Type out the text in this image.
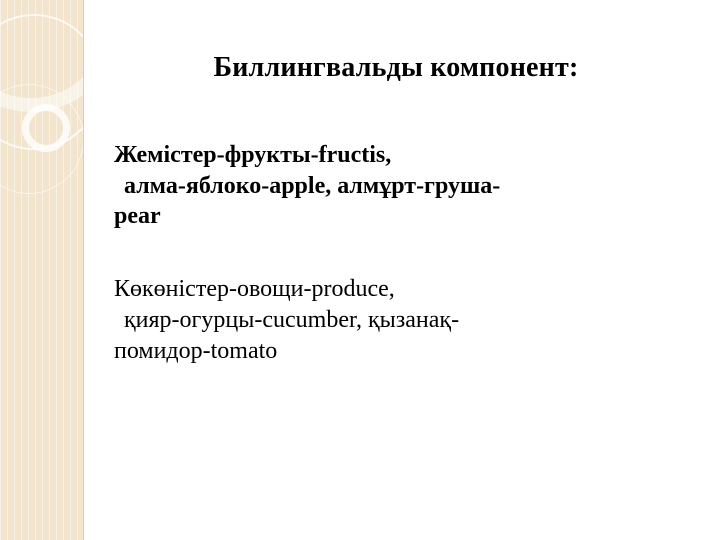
Биллингвальды компонент:
Жемістер-фрукты-fructis,
алма-яблоко-apple, алмұрт-груша-
pear
Көкөністер-овощи-produce,
қияр-огурцы-cucumber, қызанақ-
помидор-tomato
